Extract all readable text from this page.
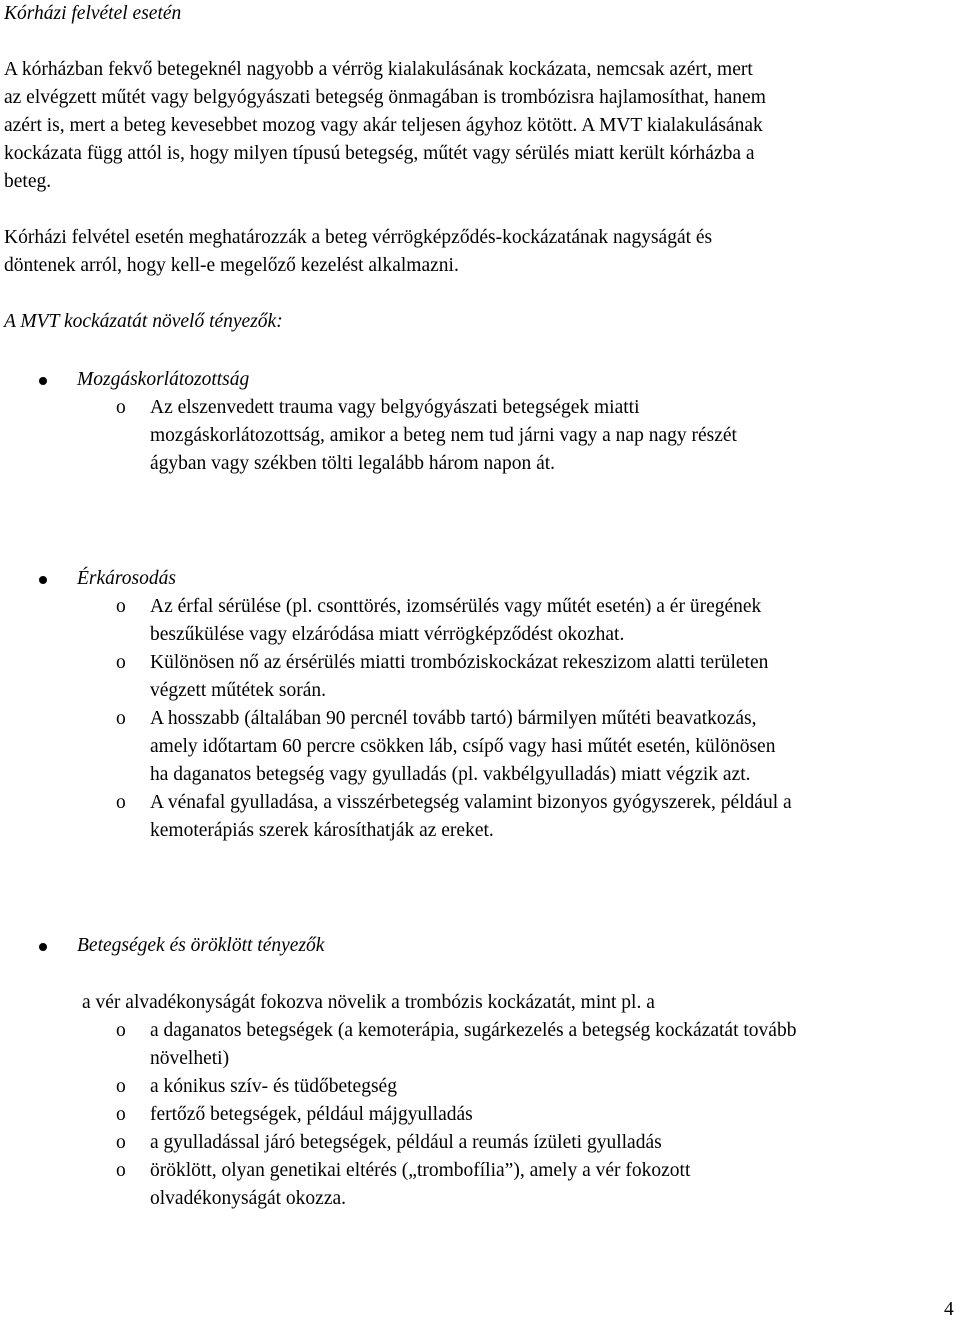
Kórházi felvétel esetén
A kórházban fekvő betegeknél nagyobb a vérrög kialakulásának kockázata, nemcsak azért, mert
az elvégzett műtét vagy belgyógyászati betegség önmagában is trombózisra hajlamosíthat, hanem
azért is, mert a beteg kevesebbet mozog vagy akár teljesen ágyhoz kötött. A MVT kialakulásának
kockázata függ attól is, hogy milyen típusú betegség, műtét vagy sérülés miatt került kórházba a
beteg.
Kórházi felvétel esetén meghatározzák a beteg vérrögképződés-kockázatának nagyságát és
döntenek arról, hogy kell-e megelőző kezelést alkalmazni.
A MVT kockázatát növelő tényezők:
Mozgáskorlátozottság
o Az elszenvedett trauma vagy belgyógyászati betegségek miatti
mozgáskorlátozottság, amikor a beteg nem tud járni vagy a nap nagy részét
ágyban vagy székben tölti legalább három napon át.
Érkárosodás
o Az érfal sérülése (pl. csonttörés, izomsérülés vagy műtét esetén) a ér üregének
beszűkülése vagy elzáródása miatt vérrögképződést okozhat.
o Különösen nő az érsérülés miatti trombóziskockázat rekeszizom alatti területen
végzett műtétek során.
o A hosszabb (általában 90 percnél tovább tartó) bármilyen műtéti beavatkozás,
amely időtartam 60 percre csökken láb, csípő vagy hasi műtét esetén, különösen
ha daganatos betegség vagy gyulladás (pl. vakbélgyulladás) miatt végzik azt.
o A vénafal gyulladása, a visszérbetegség valamint bizonyos gyógyszerek, például a
kemoterápiás szerek károsíthatják az ereket.
Betegségek és öröklött tényezők
a vér alvadékonyságát fokozva növelik a trombózis kockázatát, mint pl. a
o a daganatos betegségek (a kemoterápia, sugárkezelés a betegség kockázatát tovább
növelheti)
o a kónikus szív- és tüdőbetegség
o fertőző betegségek, például májgyulladás
o a gyulladással járó betegségek, például a reumás ízületi gyulladás
o öröklött, olyan genetikai eltérés („trombofília”), amely a vér fokozott
olvadékonyságát okozza.
4
